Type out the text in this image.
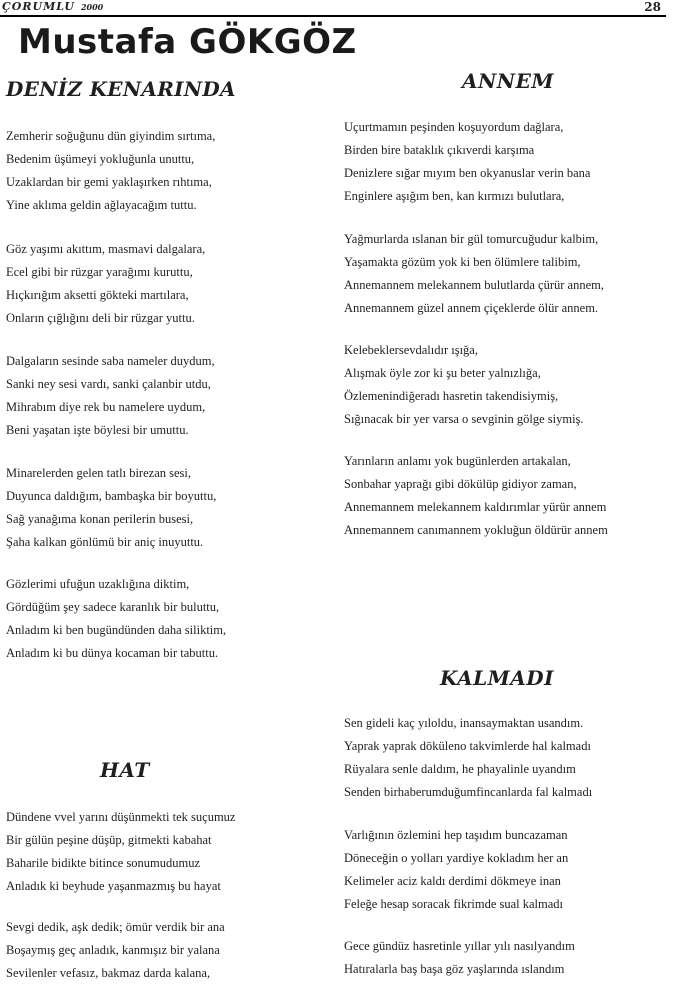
ÇORUMLU 2000	28
Mustafa GÖKGÖZ
DENİZ KENARINDA
Zemherir soğuğunu dün giyindim sırtıma,
Bedenim üşümeyi yokluğunla unuttu,
Uzaklardan bir gemi yaklaşırken rıhtıma,
Yine aklıma geldin ağlayacağım tuttu.
Göz yaşımı akıttım, masmavi dalgalara,
Ecel gibi bir rüzgar yarağımı kuruttu,
Hıçkırığım aksetti gökteki martılara,
Onların çığlığını deli bir rüzgar yuttu.
Dalgaların sesinde saba nameler duydum,
Sanki ney sesi vardı, sanki çalanbir utdu,
Mihrabım diye rek bu namelere uydum,
Beni yaşatan işte böylesi bir umuttu.
Minarelerden gelen tatlı birezan sesi,
Duyunca daldığım, bambaşka bir boyuttu,
Sağ yanağıma konan perilerin busesi,
Şaha kalkan gönlümü bir aniç inuyuttu.
Gözlerimi ufuğun uzaklığına diktim,
Gördüğüm şey sadece karanlık bir buluttu,
Anladım ki ben bugündünden daha siliktim,
Anladım ki bu dünya kocaman bir tabuttu.
ANNEM
Uçurtmamın peşinden koşuyordum dağlara,
Birden bire bataklık çıkıverdi karşıma
Denizlere sığar mıyım ben okyanuslar verin bana
Enginlere aşığım ben, kan kırmızı bulutlara,
Yağmurlarda ıslanan bir gül tomurcuğudur kalbim,
Yaşamakta gözüm yok ki ben ölümlere talibim,
Annemannem melekannem bulutlarda çürür annem,
Annemannem güzel annem çiçeklerde ölür annem.
Kelebeklersevdalıdır ışığa,
Alışmak öyle zor ki şu beter yalnızlığa,
Özlemenindiğeradı hasretin takendisiymiş,
Sığınacak bir yer varsa o sevginin gölge siymiş.
Yarınların anlamı yok bugünlerden artakalan,
Sonbahar yaprağı gibi dökülüp gidiyor zaman,
Annemannem melekannem kaldırımlar yürür annem
Annemannem canımannem yokluğun öldürür annem
KALMADI
Sen gideli kaç yıloldu, inansaymaktan usandım.
Yaprak yaprak döküleno takvimlerde hal kalmadı
Rüyalara senle daldım, he phayalinle uyandım
Senden birhaberumduğumfincanlarda fal kalmadı
Varlığının özlemini hep taşıdım buncazaman
Döneceğin o yolları yardiye kokladım her an
Kelimeler aciz kaldı derdimi dökmeye inan
Feleğe hesap soracak fikrimde sual kalmadı
Gece gündüz hasretinle yıllar yılı nasılyandım
Hatıralarla baş başa göz yaşlarında ıslandım
HAT
Dündene vvel yarını düşünmekti tek suçumuz
Bir gülün peşine düşüp, gitmekti kabahat
Baharile bidikte bitince sonumudumuz
Anladık ki beyhude yaşanmazmış bu hayat
Sevgi dedik, aşk dedik; ömür verdik bir ana
Boşaymış geç anladık, kanmışız bir yalana
Sevilenler vefasız, bakmaz darda kalana,
